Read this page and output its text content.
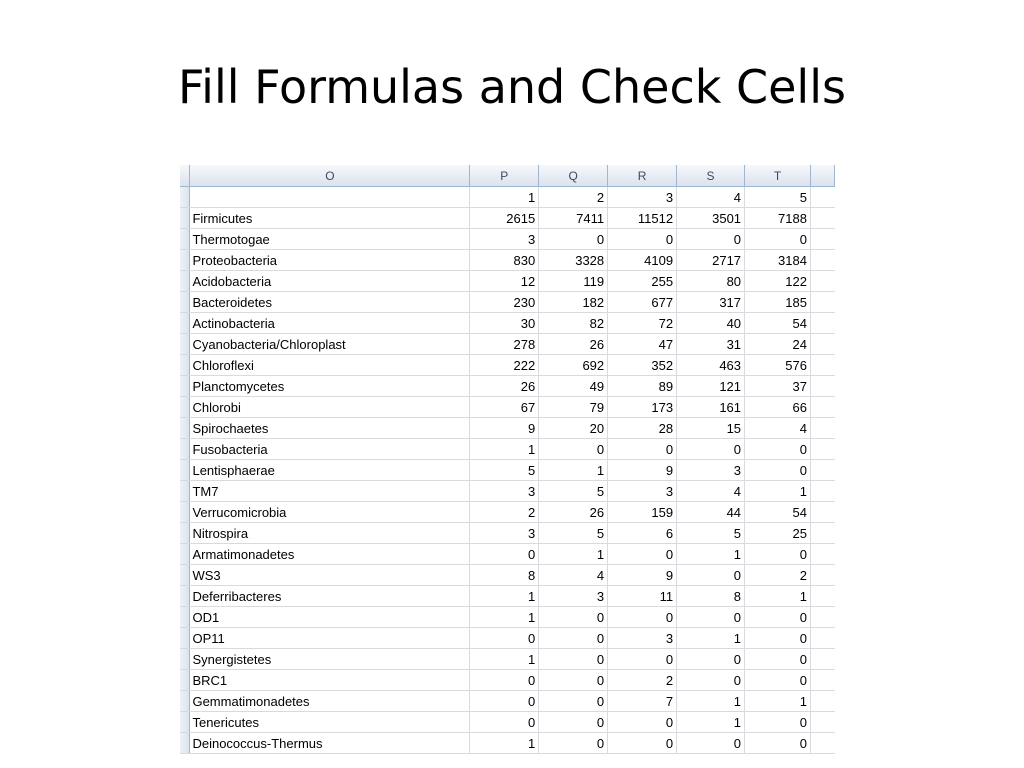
Fill Formulas and Check Cells
	O	P	Q	R	S	T	
		1	2	3	4	5	
	Firmicutes	2615	7411	11512	3501	7188	
	Thermotogae	3	0	0	0	0	
	Proteobacteria	830	3328	4109	2717	3184	
	Acidobacteria	12	119	255	80	122	
	Bacteroidetes	230	182	677	317	185	
	Actinobacteria	30	82	72	40	54	
	Cyanobacteria/Chloroplast	278	26	47	31	24	
	Chloroflexi	222	692	352	463	576	
	Planctomycetes	26	49	89	121	37	
	Chlorobi	67	79	173	161	66	
	Spirochaetes	9	20	28	15	4	
	Fusobacteria	1	0	0	0	0	
	Lentisphaerae	5	1	9	3	0	
	TM7	3	5	3	4	1	
	Verrucomicrobia	2	26	159	44	54	
	Nitrospira	3	5	6	5	25	
	Armatimonadetes	0	1	0	1	0	
	WS3	8	4	9	0	2	
	Deferribacteres	1	3	11	8	1	
	OD1	1	0	0	0	0	
	OP11	0	0	3	1	0	
	Synergistetes	1	0	0	0	0	
	BRC1	0	0	2	0	0	
	Gemmatimonadetes	0	0	7	1	1	
	Tenericutes	0	0	0	1	0	
	Deinococcus-Thermus	1	0	0	0	0	
